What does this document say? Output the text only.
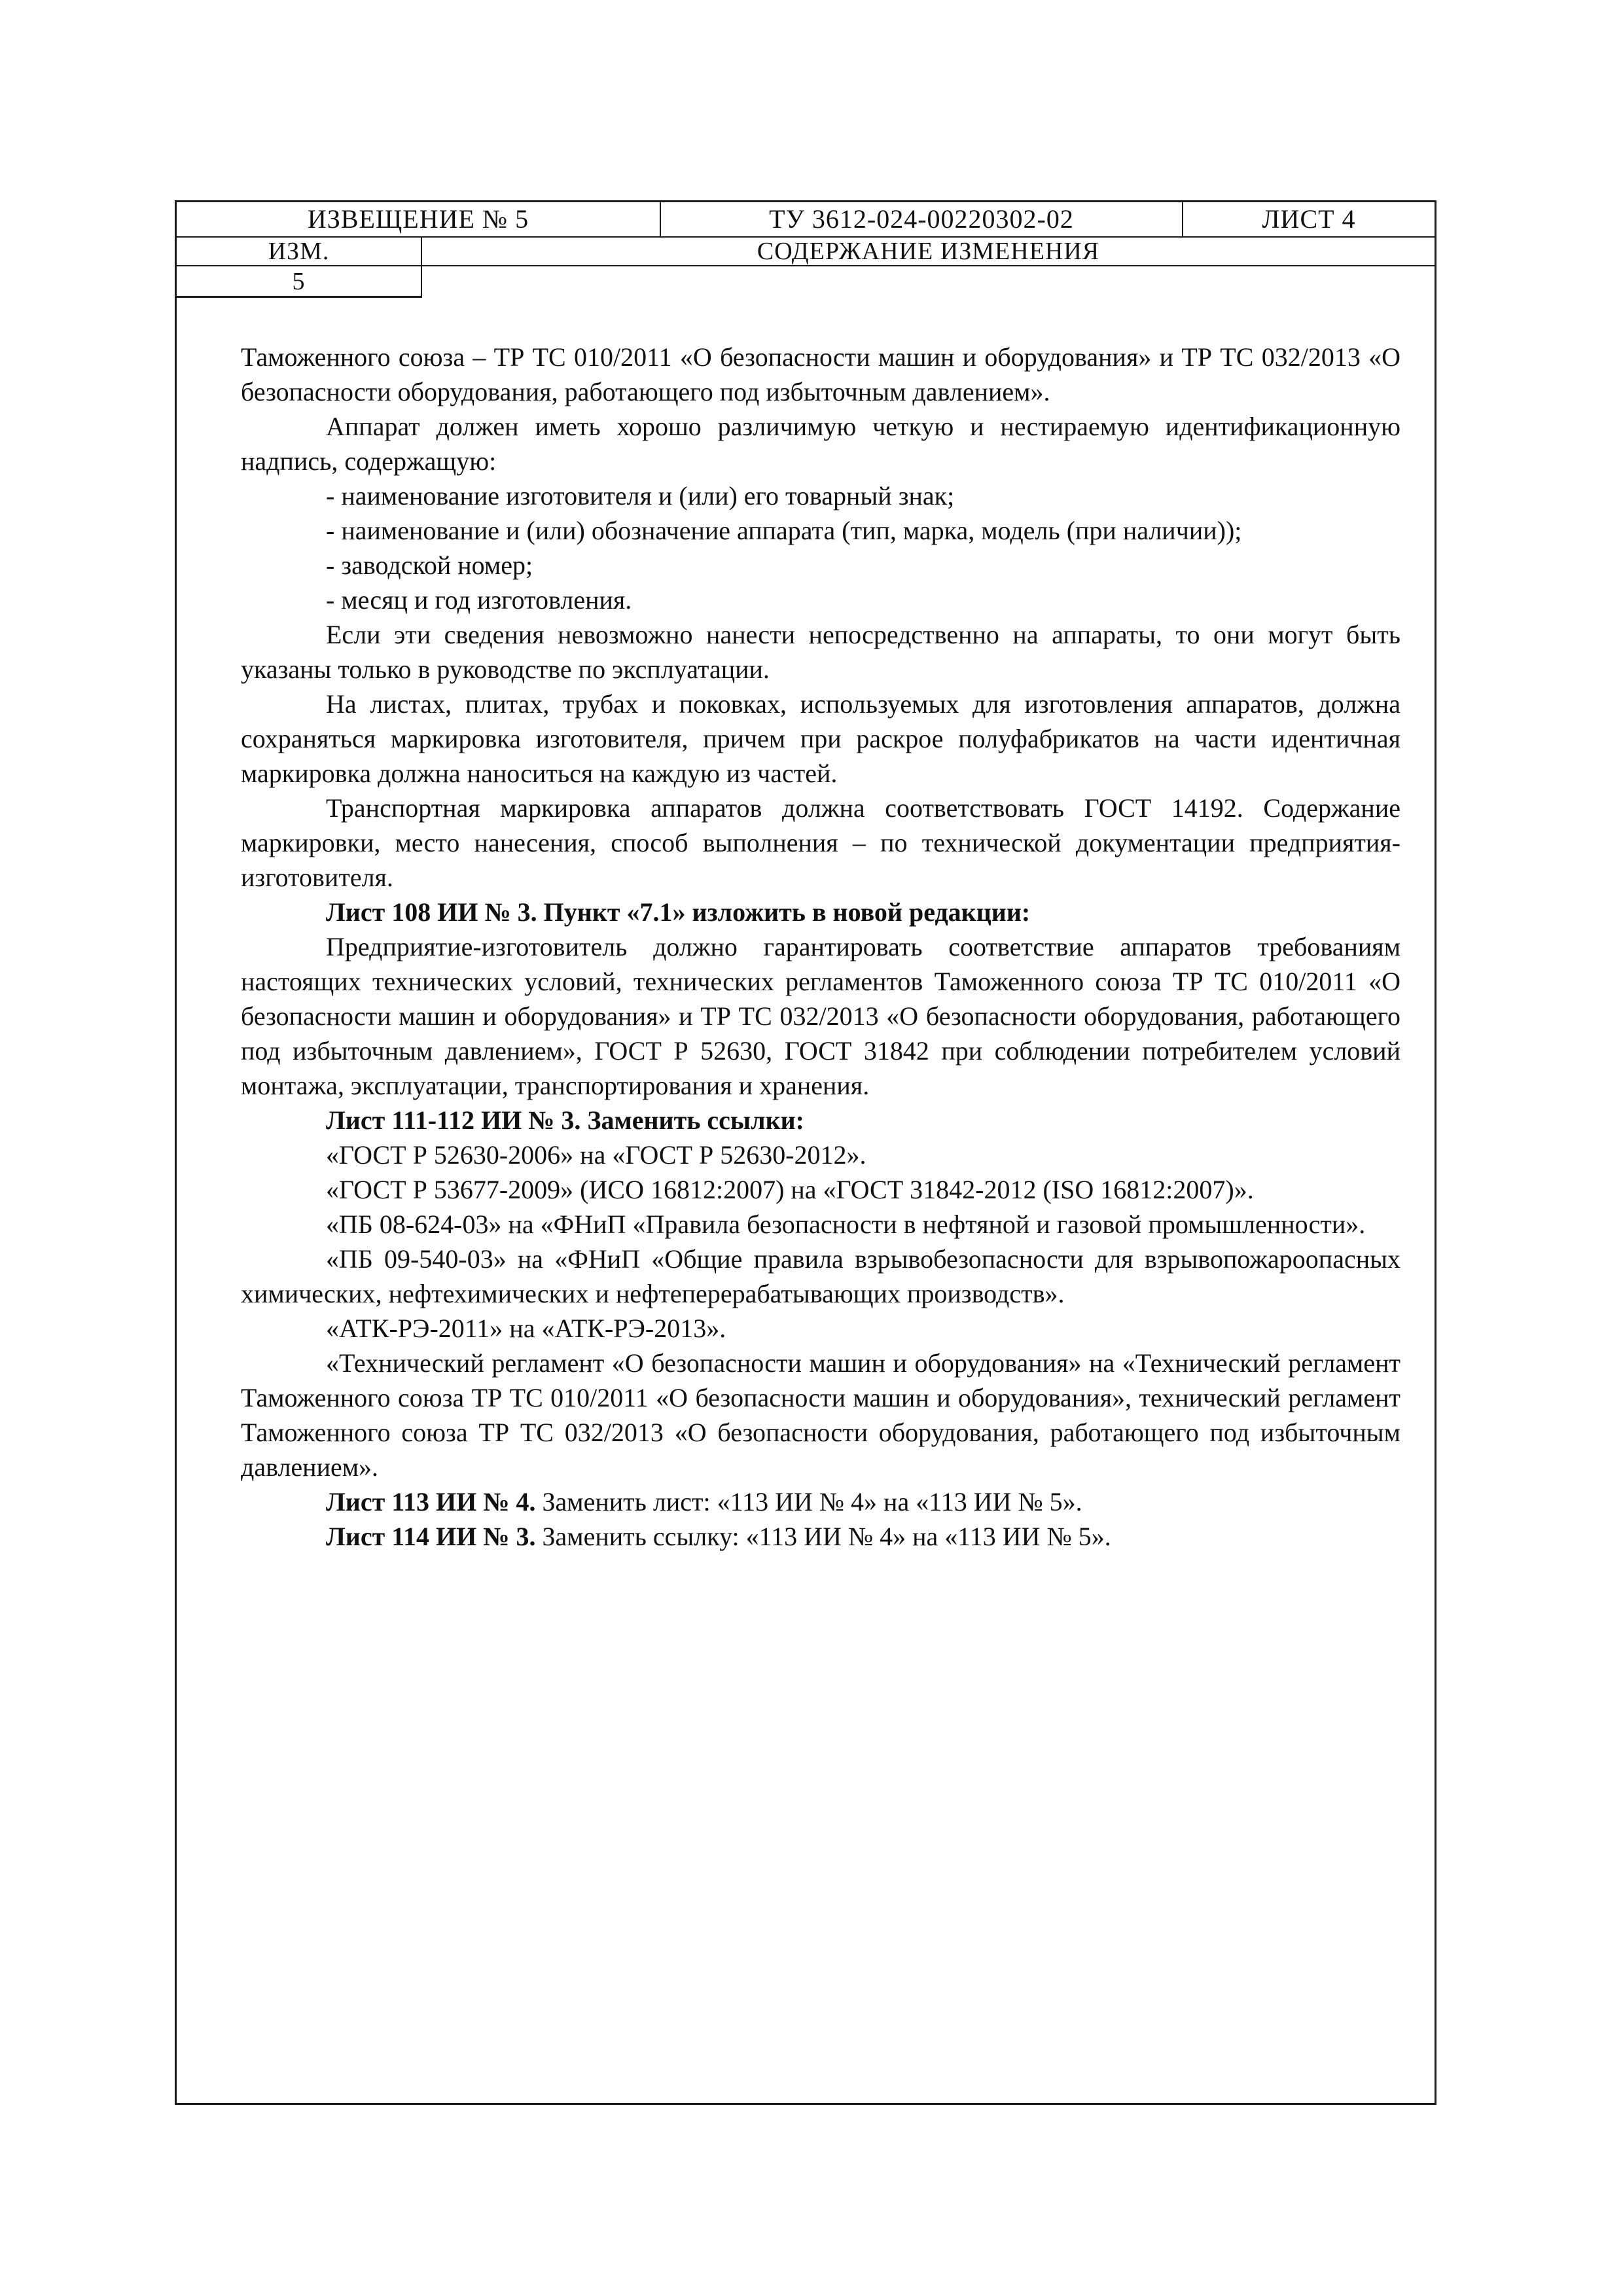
ИЗВЕЩЕНИЕ № 5	ТУ 3612-024-00220302-02	ЛИСТ 4
ИЗМ.	СОДЕРЖАНИЕ ИЗМЕНЕНИЯ
5

Таможенного союза – ТР ТС 010/2011 «О безопасности машин и оборудования» и ТР ТС 032/2013 «О безопасности оборудования, работающего под избыточным давлением».

Аппарат должен иметь хорошо различимую четкую и нестираемую идентификационную надпись, содержащую:

- наименование изготовителя и (или) его товарный знак;

- наименование и (или) обозначение аппарата (тип, марка, модель (при наличии));

- заводской номер;

- месяц и год изготовления.

Если эти сведения невозможно нанести непосредственно на аппараты, то они могут быть указаны только в руководстве по эксплуатации.

На листах, плитах, трубах и поковках, используемых для изготовления аппаратов, должна сохраняться маркировка изготовителя, причем при раскрое полуфабрикатов на части идентичная маркировка должна наноситься на каждую из частей.

Транспортная маркировка аппаратов должна соответствовать ГОСТ 14192. Содержание маркировки, место нанесения, способ выполнения – по технической документации предприятия-изготовителя.

Лист 108 ИИ № 3. Пункт «7.1» изложить в новой редакции:

Предприятие-изготовитель должно гарантировать соответствие аппаратов требованиям настоящих технических условий, технических регламентов Таможенного союза ТР ТС 010/2011 «О безопасности машин и оборудования» и ТР ТС 032/2013 «О безопасности оборудования, работающего под избыточным давлением», ГОСТ Р 52630, ГОСТ 31842 при соблюдении потребителем условий монтажа, эксплуатации, транспортирования и хранения.

Лист 111-112 ИИ № 3. Заменить ссылки:

«ГОСТ Р 52630-2006» на «ГОСТ Р 52630-2012».

«ГОСТ Р 53677-2009» (ИСО 16812:2007) на «ГОСТ 31842-2012 (ISO 16812:2007)».

«ПБ 08-624-03» на «ФНиП «Правила безопасности в нефтяной и газовой промышленности».

«ПБ 09-540-03» на «ФНиП «Общие правила взрывобезопасности для взрывопожароопасных химических, нефтехимических и нефтеперерабатывающих производств».

«АТК-РЭ-2011» на «АТК-РЭ-2013».

«Технический регламент «О безопасности машин и оборудования» на «Технический регламент Таможенного союза ТР ТС 010/2011 «О безопасности машин и оборудования», технический регламент Таможенного союза ТР ТС 032/2013 «О безопасности оборудования, работающего под избыточным давлением».

Лист 113 ИИ № 4. Заменить лист: «113 ИИ № 4» на «113 ИИ № 5».

Лист 114 ИИ № 3. Заменить ссылку: «113 ИИ № 4» на «113 ИИ № 5».
